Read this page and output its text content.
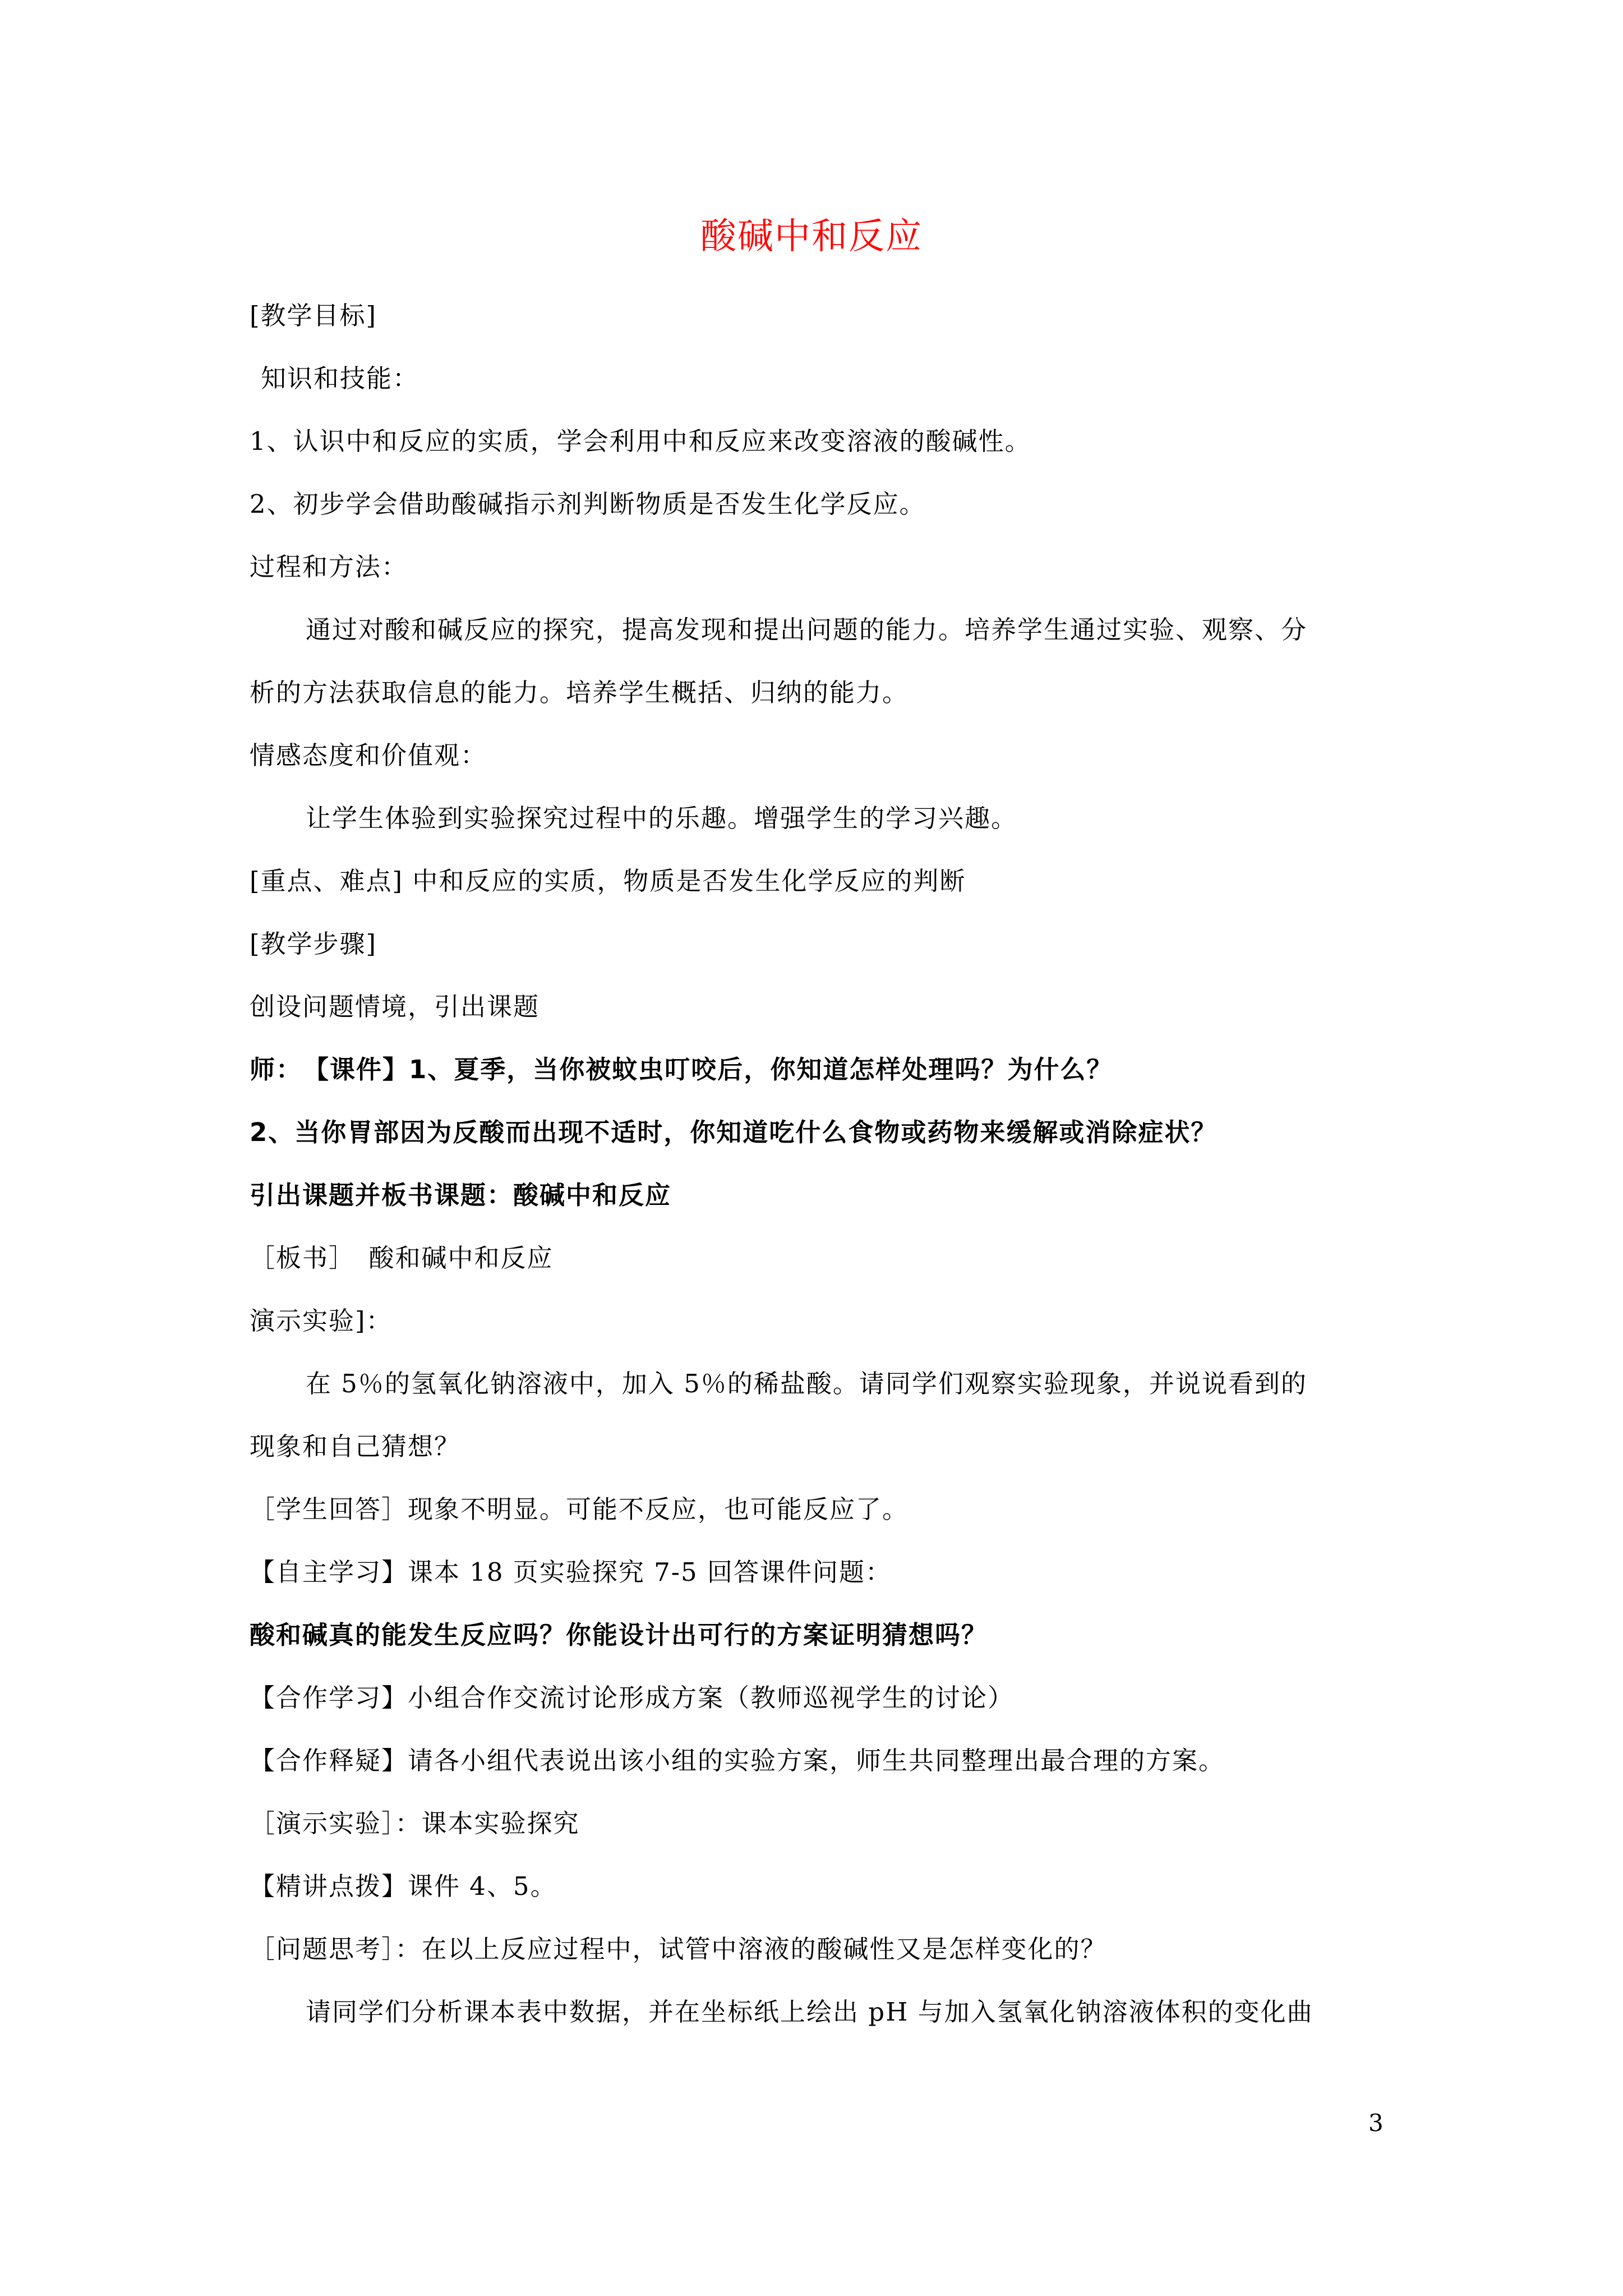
酸碱中和反应
[教学目标]
知识和技能：
1、认识中和反应的实质，学会利用中和反应来改变溶液的酸碱性。
2、初步学会借助酸碱指示剂判断物质是否发生化学反应。
过程和方法：
通过对酸和碱反应的探究，提高发现和提出问题的能力。培养学生通过实验、观察、分
析的方法获取信息的能力。培养学生概括、归纳的能力。
情感态度和价值观：
让学生体验到实验探究过程中的乐趣。增强学生的学习兴趣。
[重点、难点] 中和反应的实质，物质是否发生化学反应的判断
[教学步骤]
创设问题情境，引出课题
师：　【课件】1、夏季，当你被蚊虫叮咬后，你知道怎样处理吗？为什么？
2、当你胃部因为反酸而出现不适时，你知道吃什么食物或药物来缓解或消除症状？
引出课题并板书课题：酸碱中和反应
［板书］　酸和碱中和反应
演示实验]：
在 5％的氢氧化钠溶液中，加入 5％的稀盐酸。请同学们观察实验现象，并说说看到的
现象和自己猜想？
［学生回答］现象不明显。可能不反应，也可能反应了。
【自主学习】课本 18 页实验探究 7-5 回答课件问题：
酸和碱真的能发生反应吗？你能设计出可行的方案证明猜想吗？
【合作学习】小组合作交流讨论形成方案（教师巡视学生的讨论）
【合作释疑】请各小组代表说出该小组的实验方案，师生共同整理出最合理的方案。
［演示实验］：课本实验探究
【精讲点拨】课件 4、5。
［问题思考］：在以上反应过程中，试管中溶液的酸碱性又是怎样变化的？
请同学们分析课本表中数据，并在坐标纸上绘出 pH 与加入氢氧化钠溶液体积的变化曲
3
